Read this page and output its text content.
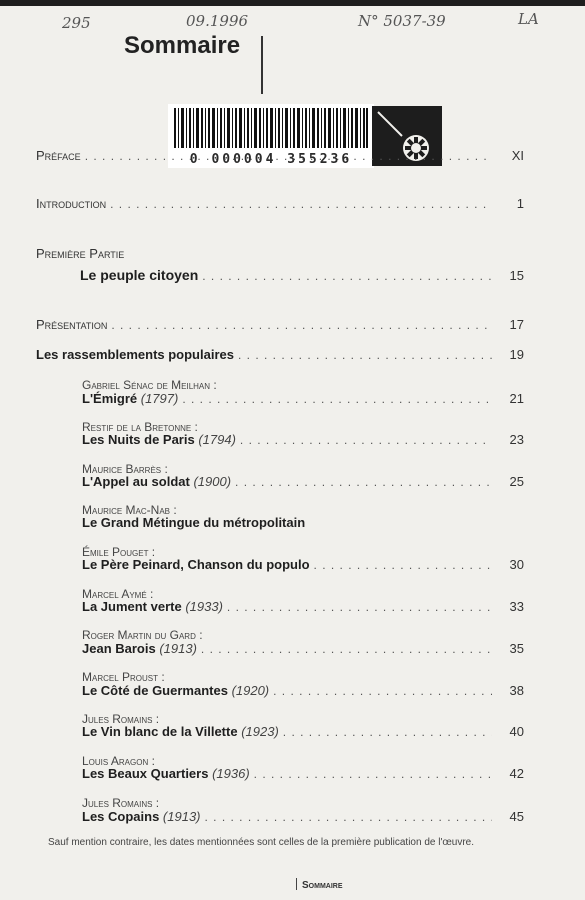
295	09.1996	N° 5037-39	LA
Sommaire
0 000004 355236
Préface . . .	XI
Introduction . . .	1
Première Partie
Le peuple citoyen . . .	15
Présentation . . .	17
Les rassemblements populaires . . .	19
Gabriel Sénac de Meilhan :
L'Émigré (1797) . . .	21
Restif de la Bretonne :
Les Nuits de Paris (1794) . . .	23
Maurice Barrès :
L'Appel au soldat (1900) . . .	25
Maurice Mac-Nab :
Le Grand Métingue du métropolitain
Émile Pouget :
Le Père Peinard, Chanson du populo . . .	30
Marcel Aymé :
La Jument verte (1933) . . .	33
Roger Martin du Gard :
Jean Barois (1913) . . .	35
Marcel Proust :
Le Côté de Guermantes (1920) . . .	38
Jules Romains :
Le Vin blanc de la Villette (1923) . . .	40
Louis Aragon :
Les Beaux Quartiers (1936) . . .	42
Jules Romains :
Les Copains (1913) . . .	45
Sauf mention contraire, les dates mentionnées sont celles de la première publication de l'œuvre.
Sommaire
